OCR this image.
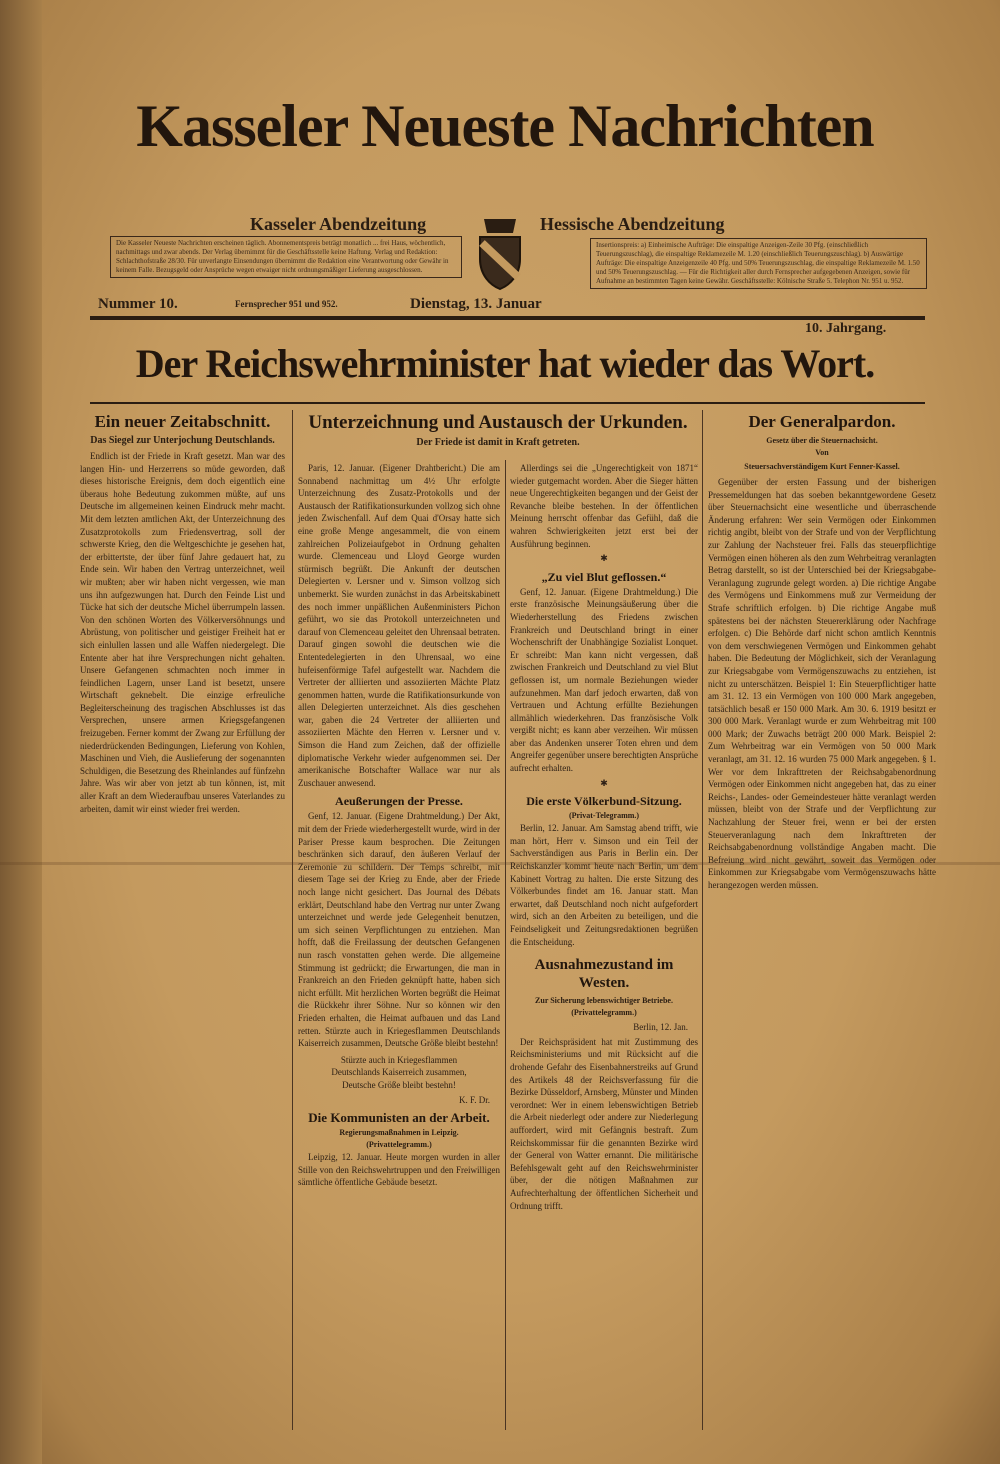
Kasseler Neueste Nachrichten
Kasseler Abendzeitung	Hessische Abendzeitung
Die Kasseler Neueste Nachrichten erscheinen täglich. Abonnementspreis beträgt monatlich ... frei Haus, wöchentlich, nachmittags und zwar abends. Der Verlag übernimmt für die Geschäftsstelle keine Haftung. Verlag und Redaktion: Schlachthofstraße 28/30. Für unverlangte Einsendungen übernimmt die Redaktion eine Verantwortung oder Gewähr in keinem Falle. Bezugsgeld oder Ansprüche wegen etwaiger nicht ordnungsmäßiger Lieferung ausgeschlossen.
Insertionspreis: a) Einheimische Aufträge: Die einspaltige Anzeigen-Zeile 30 Pfg. (einschließlich Teuerungszuschlag), die einspaltige Reklamezeile M. 1.20 (einschließlich Teuerungszuschlag). b) Auswärtige Aufträge: Die einspaltige Anzeigenzeile 40 Pfg. und 50% Teuerungszuschlag, die einspaltige Reklamezeile M. 1.50 und 50% Teuerungszuschlag. — Für die Richtigkeit aller durch Fernsprecher aufgegebenen Anzeigen, sowie für Aufnahme an bestimmten Tagen keine Gewähr. Geschäftsstelle: Kölnische Straße 5. Telephon Nr. 951 u. 952.
Nummer 10.	Fernsprecher 951 und 952.	Dienstag, 13. Januar
10. Jahrgang.
Der Reichswehrminister hat wieder das Wort.
Ein neuer Zeitabschnitt.
Das Siegel zur Unterjochung Deutschlands.

Endlich ist der Friede in Kraft gesetzt. Man war des langen Hin- und Herzerrens so müde geworden, daß dieses historische Ereignis, dem doch eigentlich eine überaus hohe Bedeutung zukommen müßte, auf uns Deutsche im allgemeinen keinen Eindruck mehr macht. Mit dem letzten amtlichen Akt, der Unterzeichnung des Zusatzprotokolls zum Friedensvertrag, soll der schwerste Krieg, den die Weltgeschichte je gesehen hat, der erbittertste, der über fünf Jahre gedauert hat, zu Ende sein. Wir haben den Vertrag unterzeichnet, weil wir mußten; aber wir haben nicht vergessen, wie man uns ihn aufgezwungen hat. Durch den Feinde List und Tücke hat sich der deutsche Michel überrumpeln lassen. Von den schönen Worten des Völkerversöhnungs und Abrüstung, von politischer und geistiger Freiheit hat er sich einlullen lassen und alle Waffen niedergelegt. Die Entente aber hat ihre Versprechungen nicht gehalten. Unsere Gefangenen schmachten noch immer in feindlichen Lagern, unser Land ist besetzt, unsere Wirtschaft geknebelt. Die einzige erfreuliche Begleiterscheinung des tragischen Abschlusses ist das Versprechen, unsere armen Kriegsgefangenen freizugeben. Ferner kommt der Zwang zur Erfüllung der niederdrückenden Bedingungen, Lieferung von Kohlen, Maschinen und Vieh, die Auslieferung der sogenannten Schuldigen, die Besetzung des Rheinlandes auf fünfzehn Jahre. Was wir aber von jetzt ab tun können, ist, mit aller Kraft an dem Wiederaufbau unseres Vaterlandes zu arbeiten, damit wir einst wieder frei werden.

Unterzeichnung und Austausch der Urkunden.
Der Friede ist damit in Kraft getreten.

Paris, 12. Januar. (Eigener Drahtbericht.) Die am Sonnabend nachmittag um 4½ Uhr erfolgte Unterzeichnung des Zusatz-Protokolls und der Austausch der Ratifikationsurkunden vollzog sich ohne jeden Zwischenfall. Auf dem Quai d'Orsay hatte sich eine große Menge angesammelt, die von einem zahlreichen Polizeiaufgebot in Ordnung gehalten wurde. Clemenceau und Lloyd George wurden stürmisch begrüßt. Die Ankunft der deutschen Delegierten v. Lersner und v. Simson vollzog sich unbemerkt. Sie wurden zunächst in das Arbeitskabinett des noch immer unpäßlichen Außenministers Pichon geführt, wo sie das Protokoll unterzeichneten und darauf von Clemenceau geleitet den Uhrensaal betraten. Darauf gingen sowohl die deutschen wie die Ententedelegierten in den Uhrensaal, wo eine hufeisenförmige Tafel aufgestellt war. Nachdem die Vertreter der alliierten und assoziierten Mächte Platz genommen hatten, wurde die Ratifikationsurkunde von allen Delegierten unterzeichnet. Als dies geschehen war, gaben die 24 Vertreter der alliierten und assoziierten Mächte den Herren v. Lersner und v. Simson die Hand zum Zeichen, daß der offizielle diplomatische Verkehr wieder aufgenommen sei. Der amerikanische Botschafter Wallace war nur als Zuschauer anwesend.

Aeußerungen der Presse.

Genf, 12. Januar. (Eigene Drahtmeldung.) Der Akt, mit dem der Friede wiederhergestellt wurde, wird in der Pariser Presse kaum besprochen. Die Zeitungen beschränken sich darauf, den äußeren Verlauf der Zeremonie zu schildern. Der Temps schreibt, mit diesem Tage sei der Krieg zu Ende, aber der Friede noch lange nicht gesichert. Das Journal des Débats erklärt, Deutschland habe den Vertrag nur unter Zwang unterzeichnet und werde jede Gelegenheit benutzen, um sich seinen Verpflichtungen zu entziehen. Man hofft, daß die Freilassung der deutschen Gefangenen nun rasch vonstatten gehen werde. Die allgemeine Stimmung ist gedrückt; die Erwartungen, die man in Frankreich an den Frieden geknüpft hatte, haben sich nicht erfüllt. Mit herzlichen Worten begrüßt die Heimat die Rückkehr ihrer Söhne. Nur so können wir den Frieden erhalten, die Heimat aufbauen und das Land retten. Stürzte auch in Kriegesflammen Deutschlands Kaiserreich zusammen, Deutsche Größe bleibt bestehn!

Stürzte auch in Kriegesflammen
Deutschlands Kaiserreich zusammen,
Deutsche Größe bleibt bestehn!
K. F. Dr.
Die Kommunisten an der Arbeit.
Regierungsmaßnahmen in Leipzig.
(Privattelegramm.)

Leipzig, 12. Januar. Heute morgen wurden in aller Stille von den Reichswehrtruppen und den Freiwilligen sämtliche öffentliche Gebäude besetzt.

Allerdings sei die „Ungerechtigkeit von 1871“ wieder gutgemacht worden. Aber die Sieger hätten neue Ungerechtigkeiten begangen und der Geist der Revanche bleibe bestehen. In der öffentlichen Meinung herrscht offenbar das Gefühl, daß die wahren Schwierigkeiten jetzt erst bei der Ausführung beginnen.

✱
„Zu viel Blut geflossen.“

Genf, 12. Januar. (Eigene Drahtmeldung.) Die erste französische Meinungsäußerung über die Wiederherstellung des Friedens zwischen Frankreich und Deutschland bringt in einer Wochenschrift der Unabhängige Sozialist Lonquet. Er schreibt: Man kann nicht vergessen, daß zwischen Frankreich und Deutschland zu viel Blut geflossen ist, um normale Beziehungen wieder aufzunehmen. Man darf jedoch erwarten, daß von Vertrauen und Achtung erfüllte Beziehungen allmählich wiederkehren. Das französische Volk vergißt nicht; es kann aber verzeihen. Wir müssen aber das Andenken unserer Toten ehren und dem Angreifer gegenüber unsere berechtigten Ansprüche aufrecht erhalten.

✱
Die erste Völkerbund-Sitzung.
(Privat-Telegramm.)

Berlin, 12. Januar. Am Samstag abend trifft, wie man hört, Herr v. Simson und ein Teil der Sachverständigen aus Paris in Berlin ein. Der Reichskanzler kommt heute nach Berlin, um dem Kabinett Vortrag zu halten. Die erste Sitzung des Völkerbundes findet am 16. Januar statt. Man erwartet, daß Deutschland noch nicht aufgefordert wird, sich an den Arbeiten zu beteiligen, und die Feindseligkeit und Zeitungsredaktionen begrüßen die Entscheidung.

Ausnahmezustand im Westen.
Zur Sicherung lebenswichtiger Betriebe.
(Privattelegramm.)
Berlin, 12. Jan.

Der Reichspräsident hat mit Zustimmung des Reichsministeriums und mit Rücksicht auf die drohende Gefahr des Eisenbahnerstreiks auf Grund des Artikels 48 der Reichsverfassung für die Bezirke Düsseldorf, Arnsberg, Münster und Minden verordnet: Wer in einem lebenswichtigen Betrieb die Arbeit niederlegt oder andere zur Niederlegung auffordert, wird mit Gefängnis bestraft. Zum Reichskommissar für die genannten Bezirke wird der General von Watter ernannt. Die militärische Befehlsgewalt geht auf den Reichswehrminister über, der die nötigen Maßnahmen zur Aufrechterhaltung der öffentlichen Sicherheit und Ordnung trifft.

Der Generalpardon.
Gesetz über die Steuernachsicht.
Von
Steuersachverständigem Kurt Fenner-Kassel.

Gegenüber der ersten Fassung und der bisherigen Pressemeldungen hat das soeben bekanntgewordene Gesetz über Steuernachsicht eine wesentliche und überraschende Änderung erfahren: Wer sein Vermögen oder Einkommen richtig angibt, bleibt von der Strafe und von der Verpflichtung zur Zahlung der Nachsteuer frei. Falls das steuerpflichtige Vermögen einen höheren als den zum Wehrbeitrag veranlagten Betrag darstellt, so ist der Unterschied bei der Kriegsabgabe-Veranlagung zugrunde gelegt worden. a) Die richtige Angabe des Vermögens und Einkommens muß zur Vermeidung der Strafe schriftlich erfolgen. b) Die richtige Angabe muß spätestens bei der nächsten Steuererklärung oder Nachfrage erfolgen. c) Die Behörde darf nicht schon amtlich Kenntnis von dem verschwiegenen Vermögen und Einkommen gehabt haben. Die Bedeutung der Möglichkeit, sich der Veranlagung zur Kriegsabgabe vom Vermögenszuwachs zu entziehen, ist nicht zu unterschätzen. Beispiel 1: Ein Steuerpflichtiger hatte am 31. 12. 13 ein Vermögen von 100 000 Mark angegeben, tatsächlich besaß er 150 000 Mark. Am 30. 6. 1919 besitzt er 300 000 Mark. Veranlagt wurde er zum Wehrbeitrag mit 100 000 Mark; der Zuwachs beträgt 200 000 Mark. Beispiel 2: Zum Wehrbeitrag war ein Vermögen von 50 000 Mark veranlagt, am 31. 12. 16 wurden 75 000 Mark angegeben. § 1. Wer vor dem Inkrafttreten der Reichsabgabenordnung Vermögen oder Einkommen nicht angegeben hat, das zu einer Reichs-, Landes- oder Gemeindesteuer hätte veranlagt werden müssen, bleibt von der Strafe und der Verpflichtung zur Nachzahlung der Steuer frei, wenn er bei der ersten Steuerveranlagung nach dem Inkrafttreten der Reichsabgabenordnung vollständige Angaben macht. Die Befreiung wird nicht gewährt, soweit das Vermögen oder Einkommen zur Kriegsabgabe vom Vermögenszuwachs hätte herangezogen werden müssen.
